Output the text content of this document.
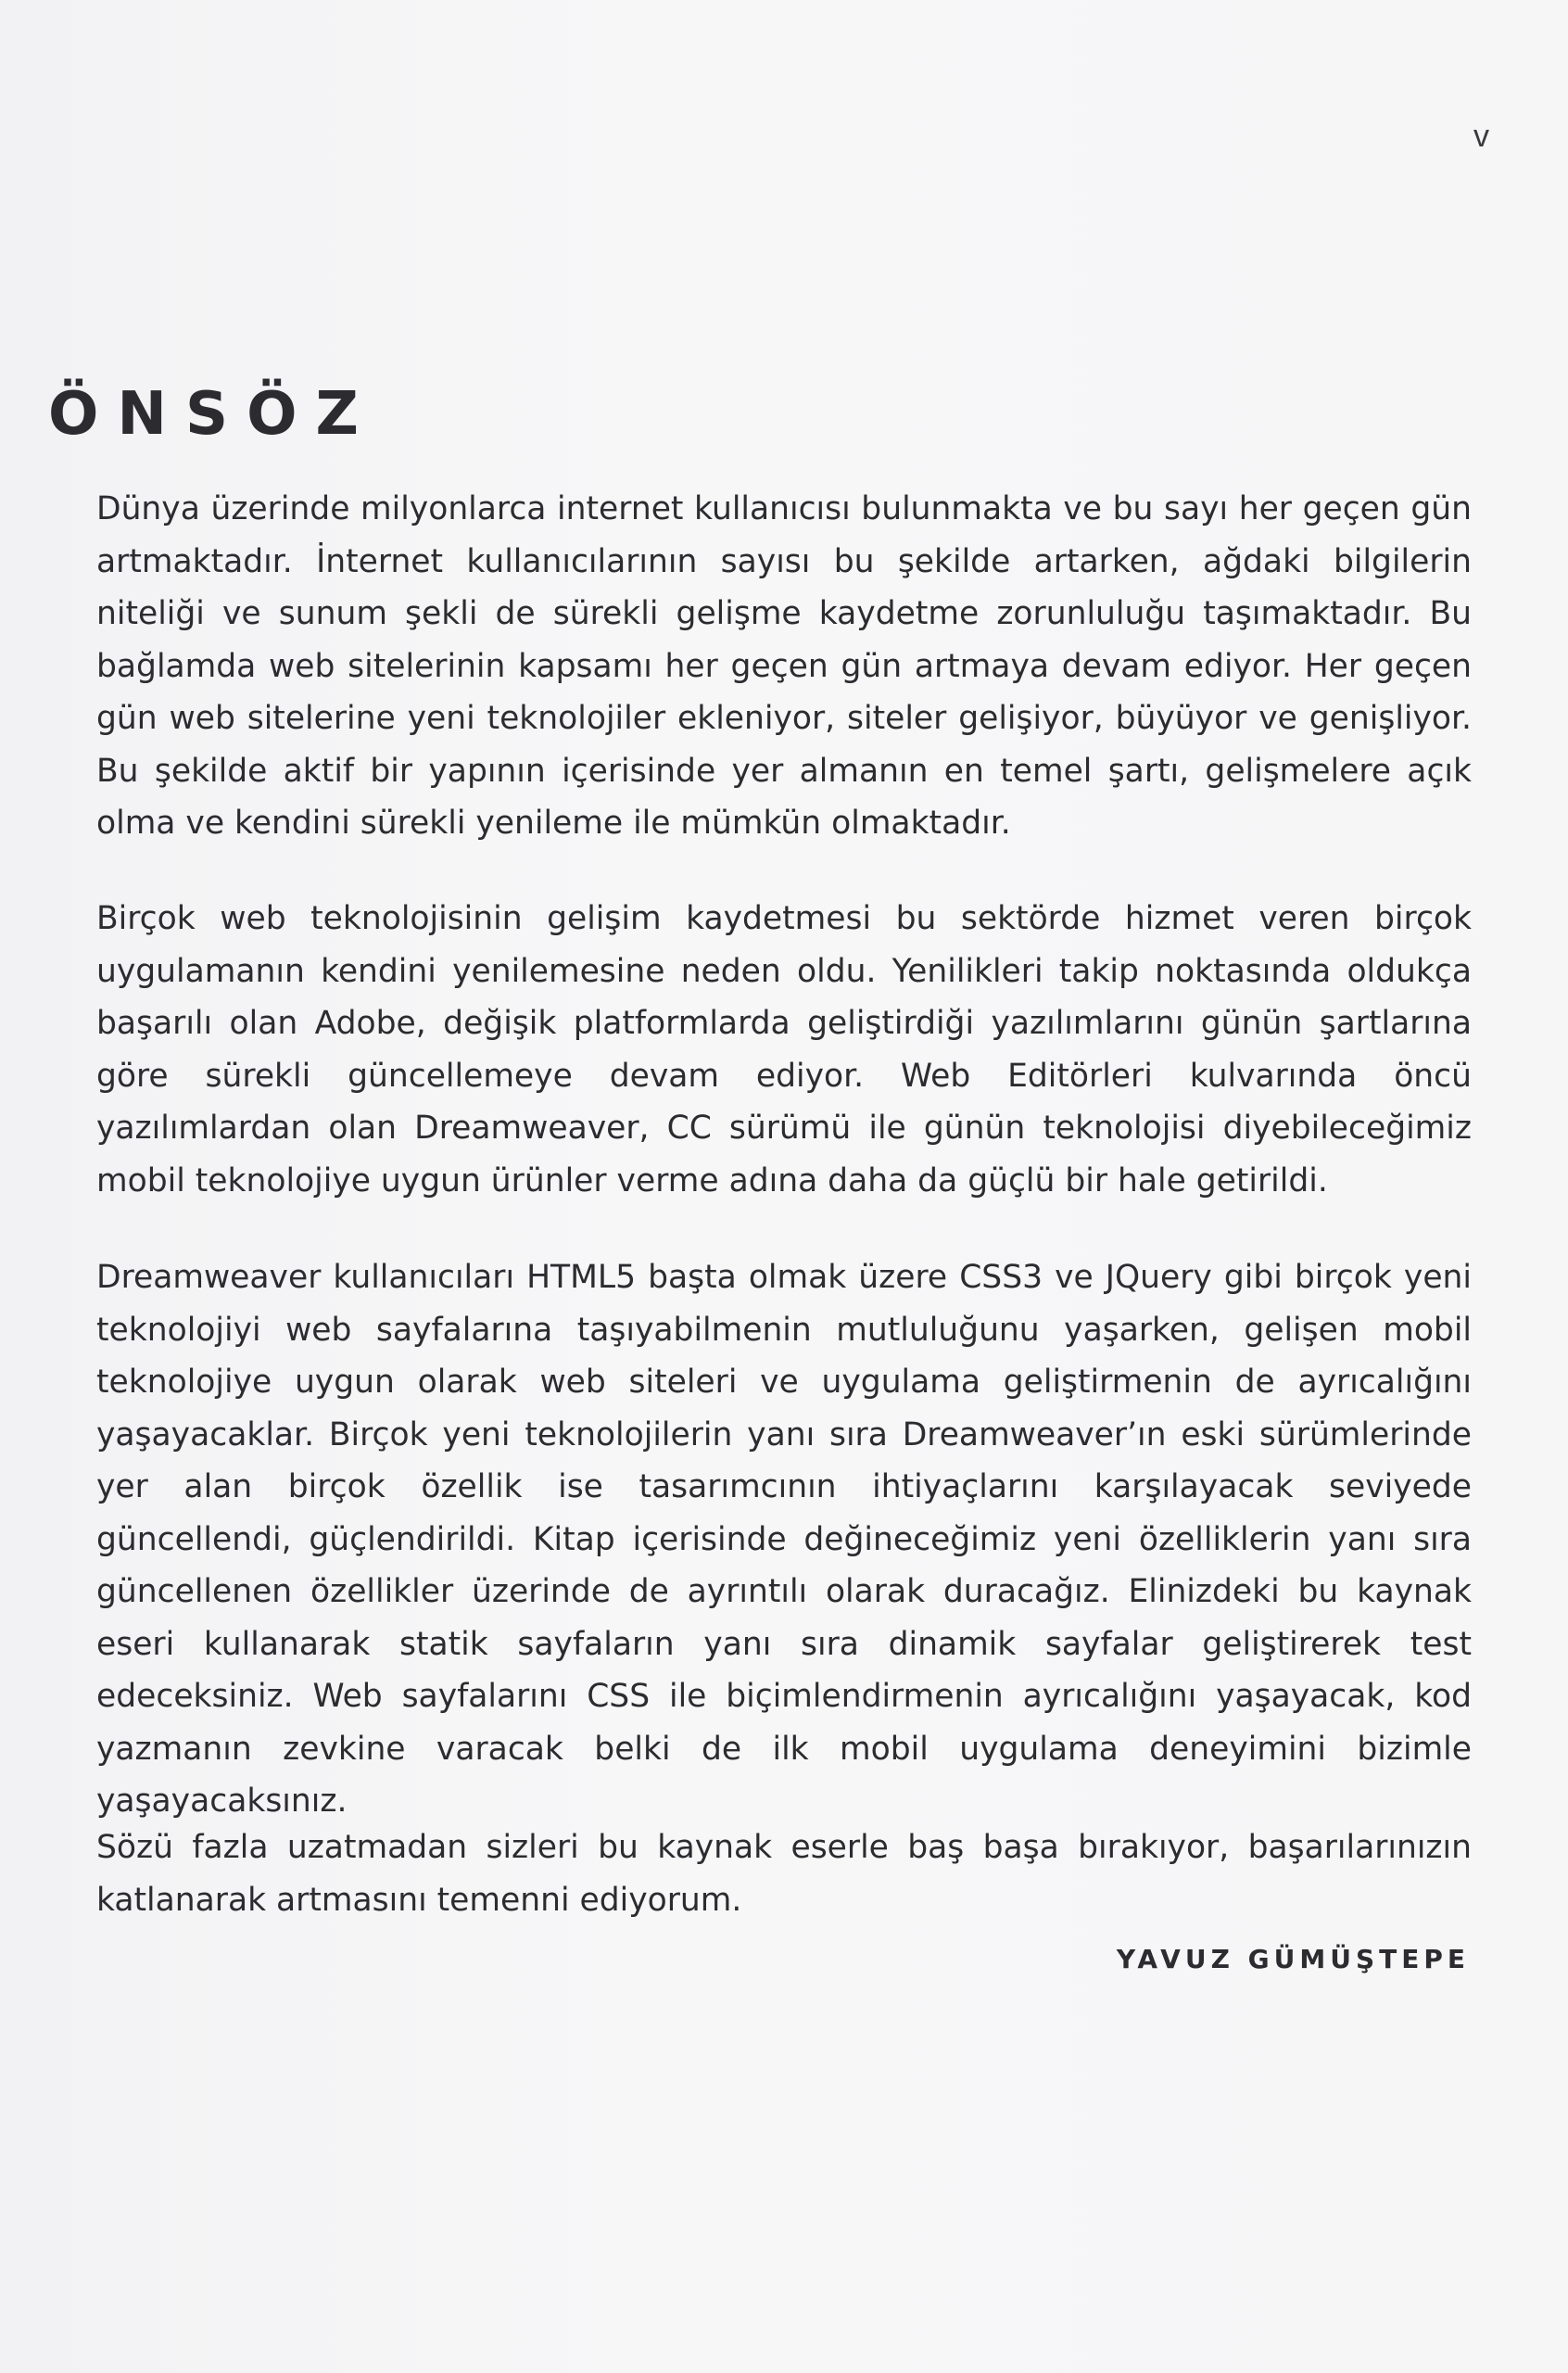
v
ÖNSÖZ

Dünya üzerinde milyonlarca internet kullanıcısı bulunmakta ve bu sayı her geçen gün artmaktadır. İnternet kullanıcılarının sayısı bu şekilde artarken, ağdaki bilgilerin niteliği ve sunum şekli de sürekli gelişme kaydetme zorunluluğu taşımaktadır. Bu bağlamda web sitelerinin kapsamı her geçen gün artmaya devam ediyor. Her geçen gün web sitelerine yeni teknolojiler ekleniyor, siteler gelişiyor, büyüyor ve genişliyor. Bu şekilde aktif bir yapının içerisinde yer almanın en temel şartı, gelişmelere açık olma ve kendini sürekli yenileme ile mümkün olmaktadır.

Birçok web teknolojisinin gelişim kaydetmesi bu sektörde hizmet veren birçok uygulamanın kendini yenilemesine neden oldu. Yenilikleri takip noktasında oldukça başarılı olan Adobe, değişik platformlarda geliştirdiği yazılımlarını günün şartlarına göre sürekli güncellemeye devam ediyor. Web Editörleri kulvarında öncü yazılımlardan olan Dreamweaver, CC sürümü ile günün teknolojisi diyebileceğimiz mobil teknolojiye uygun ürünler verme adına daha da güçlü bir hale getirildi.

Dreamweaver kullanıcıları HTML5 başta olmak üzere CSS3 ve JQuery gibi birçok yeni teknolojiyi web sayfalarına taşıyabilmenin mutluluğunu yaşarken, gelişen mobil teknolojiye uygun olarak web siteleri ve uygulama geliştirmenin de ayrıcalığını yaşayacaklar. Birçok yeni teknolojilerin yanı sıra Dreamweaver’ın eski sürümlerinde yer alan birçok özellik ise tasarımcının ihtiyaçlarını karşılayacak seviyede güncellendi, güçlendirildi. Kitap içerisinde değineceğimiz yeni özelliklerin yanı sıra güncellenen özellikler üzerinde de ayrıntılı olarak duracağız. Elinizdeki bu kaynak eseri kullanarak statik sayfaların yanı sıra dinamik sayfalar geliştirerek test edeceksiniz. Web sayfalarını CSS ile biçimlendirmenin ayrıcalığını yaşayacak, kod yazmanın zevkine varacak belki de ilk mobil uygulama deneyimini bizimle yaşayacaksınız.

Sözü fazla uzatmadan sizleri bu kaynak eserle baş başa bırakıyor, başarılarınızın katlanarak artmasını temenni ediyorum.

YAVUZ GÜMÜŞTEPE
